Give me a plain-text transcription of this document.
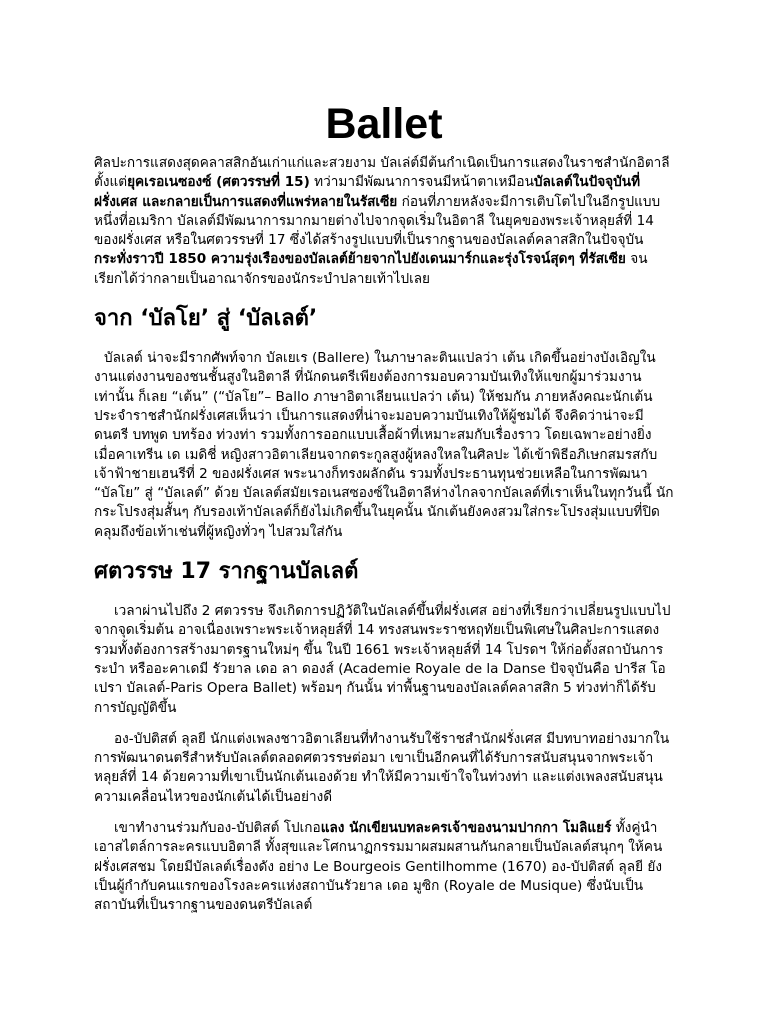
Ballet

ศิลปะการแสดงสุดคลาสสิกอันเก่าแก่และสวยงาม บัลเล่ต์มีต้นกำเนิดเป็นการแสดงในราชสำนักอิตาลีตั้งแต่ยุคเรอเนซองซ์ (ศตวรรษที่ 15) ทว่ามามีพัฒนาการจนมีหน้าตาเหมือนบัลเลต์ในปัจจุบันที่ฝรั่งเศส และกลายเป็นการแสดงที่แพร่หลายในรัสเซีย ก่อนที่ภายหลังจะมีการเติบโตไปในอีกรูปแบบหนึ่งที่อเมริกา บัลเลต์มีพัฒนาการมากมายต่างไปจากจุดเริ่มในอิตาลี ในยุคของพระเจ้าหลุยส์ที่ 14 ของฝรั่งเศส หรือในศตวรรษที่ 17 ซึ่งได้สร้างรูปแบบที่เป็นรากฐานของบัลเลต์คลาสสิกในปัจจุบัน กระทั่งราวปี 1850 ความรุ่งเรืองของบัลเลต์ย้ายจากไปยังเดนมาร์กและรุ่งโรจน์สุดๆ ที่รัสเซีย จนเรียกได้ว่ากลายเป็นอาณาจักรของนักระบำปลายเท้าไปเลย

จาก ‘บัลโย’ สู่ ‘บัลเลต์’

บัลเลต์ น่าจะมีรากศัพท์จาก บัลเยเร (Ballere) ในภาษาละตินแปลว่า เต้น เกิดขึ้นอย่างบังเอิญในงานแต่งงานของชนชั้นสูงในอิตาลี ที่นักดนตรีเพียงต้องการมอบความบันเทิงให้แขกผู้มาร่วมงานเท่านั้น ก็เลย “เต้น” (“บัลโย”– Ballo ภาษาอิตาเลียนแปลว่า เต้น) ให้ชมกัน ภายหลังคณะนักเต้นประจำราชสำนักฝรั่งเศสเห็นว่า เป็นการแสดงที่น่าจะมอบความบันเทิงให้ผู้ชมได้ จึงคิดว่าน่าจะมีดนตรี บทพูด บทร้อง ท่วงท่า รวมทั้งการออกแบบเสื้อผ้าที่เหมาะสมกับเรื่องราว โดยเฉพาะอย่างยิ่ง เมื่อคาเทรีน เด เมดิชี่ หญิงสาวอิตาเลียนจากตระกูลสูงผู้หลงใหลในศิลปะ ได้เข้าพิธีอภิเษกสมรสกับเจ้าฟ้าชายเฮนรีที่ 2 ของฝรั่งเศส พระนางก็ทรงผลักดัน รวมทั้งประธานทุนช่วยเหลือในการพัฒนา “บัลโย” สู่ “บัลเลต์” ด้วย บัลเลต์สมัยเรอเนสซองซ์ในอิตาลีห่างไกลจากบัลเลต์ที่เราเห็นในทุกวันนี้ นัก กระโปรงสุ่มสั้นๆ กับรองเท้าบัลเลต์ก็ยังไม่เกิดขึ้นในยุคนั้น นักเต้นยังคงสวมใส่กระโปรงสุ่มแบบที่ปิดคลุมถึงข้อเท้าเช่นที่ผู้หญิงทั่วๆ ไปสวมใส่กัน

ศตวรรษ 17 รากฐานบัลเลต์

เวลาผ่านไปถึง 2 ศตวรรษ จึงเกิดการปฏิวัติในบัลเลต์ขึ้นที่ฝรั่งเศส อย่างที่เรียกว่าเปลี่ยนรูปแบบไปจากจุดเริ่มต้น อาจเนื่องเพราะพระเจ้าหลุยส์ที่ 14 ทรงสนพระราชหฤทัยเป็นพิเศษในศิลปะการแสดง รวมทั้งต้องการสร้างมาตรฐานใหม่ๆ ขึ้น ในปี 1661 พระเจ้าหลุยส์ที่ 14 โปรดฯ ให้ก่อตั้งสถาบันการระบำ หรืออะคาเดมี รัวยาล เดอ ลา ดองส์ (Academie Royale de la Danse ปัจจุบันคือ ปารีส โอเปรา บัลเลต์-Paris Opera Ballet) พร้อมๆ กันนั้น ท่าพื้นฐานของบัลเลต์คลาสสิก 5 ท่วงท่าก็ได้รับการบัญญัติขึ้น

อง-บัปติสต์ ลุลยี นักแต่งเพลงชาวอิตาเลียนที่ทำงานรับใช้ราชสำนักฝรั่งเศส มีบทบาทอย่างมากในการพัฒนาดนตรีสำหรับบัลเลต์ตลอดศตวรรษต่อมา เขาเป็นอีกคนที่ได้รับการสนับสนุนจากพระเจ้าหลุยส์ที่ 14 ด้วยความที่เขาเป็นนักเต้นเองด้วย ทำให้มีความเข้าใจในท่วงท่า และแต่งเพลงสนับสนุนความเคลื่อนไหวของนักเต้นได้เป็นอย่างดี

เขาทำงานร่วมกับอง-บัปติสต์ โปเกอแลง นักเขียนบทละครเจ้าของนามปากกา โมลิแยร์ ทั้งคู่นำเอาสไตล์การละครแบบอิตาลี ทั้งสุขและโศกนาฏกรรมมาผสมผสานกันกลายเป็นบัลเลต์สนุกๆ ให้คนฝรั่งเศสชม โดยมีบัลเลต์เรื่องดัง อย่าง Le Bourgeois Gentilhomme (1670) อง-บัปติสต์ ลุลยี ยังเป็นผู้กำกับคนแรกของโรงละครแห่งสถาบันรัวยาล เดอ มูซิก (Royale de Musique) ซึ่งนับเป็นสถาบันที่เป็นรากฐานของดนตรีบัลเลต์
